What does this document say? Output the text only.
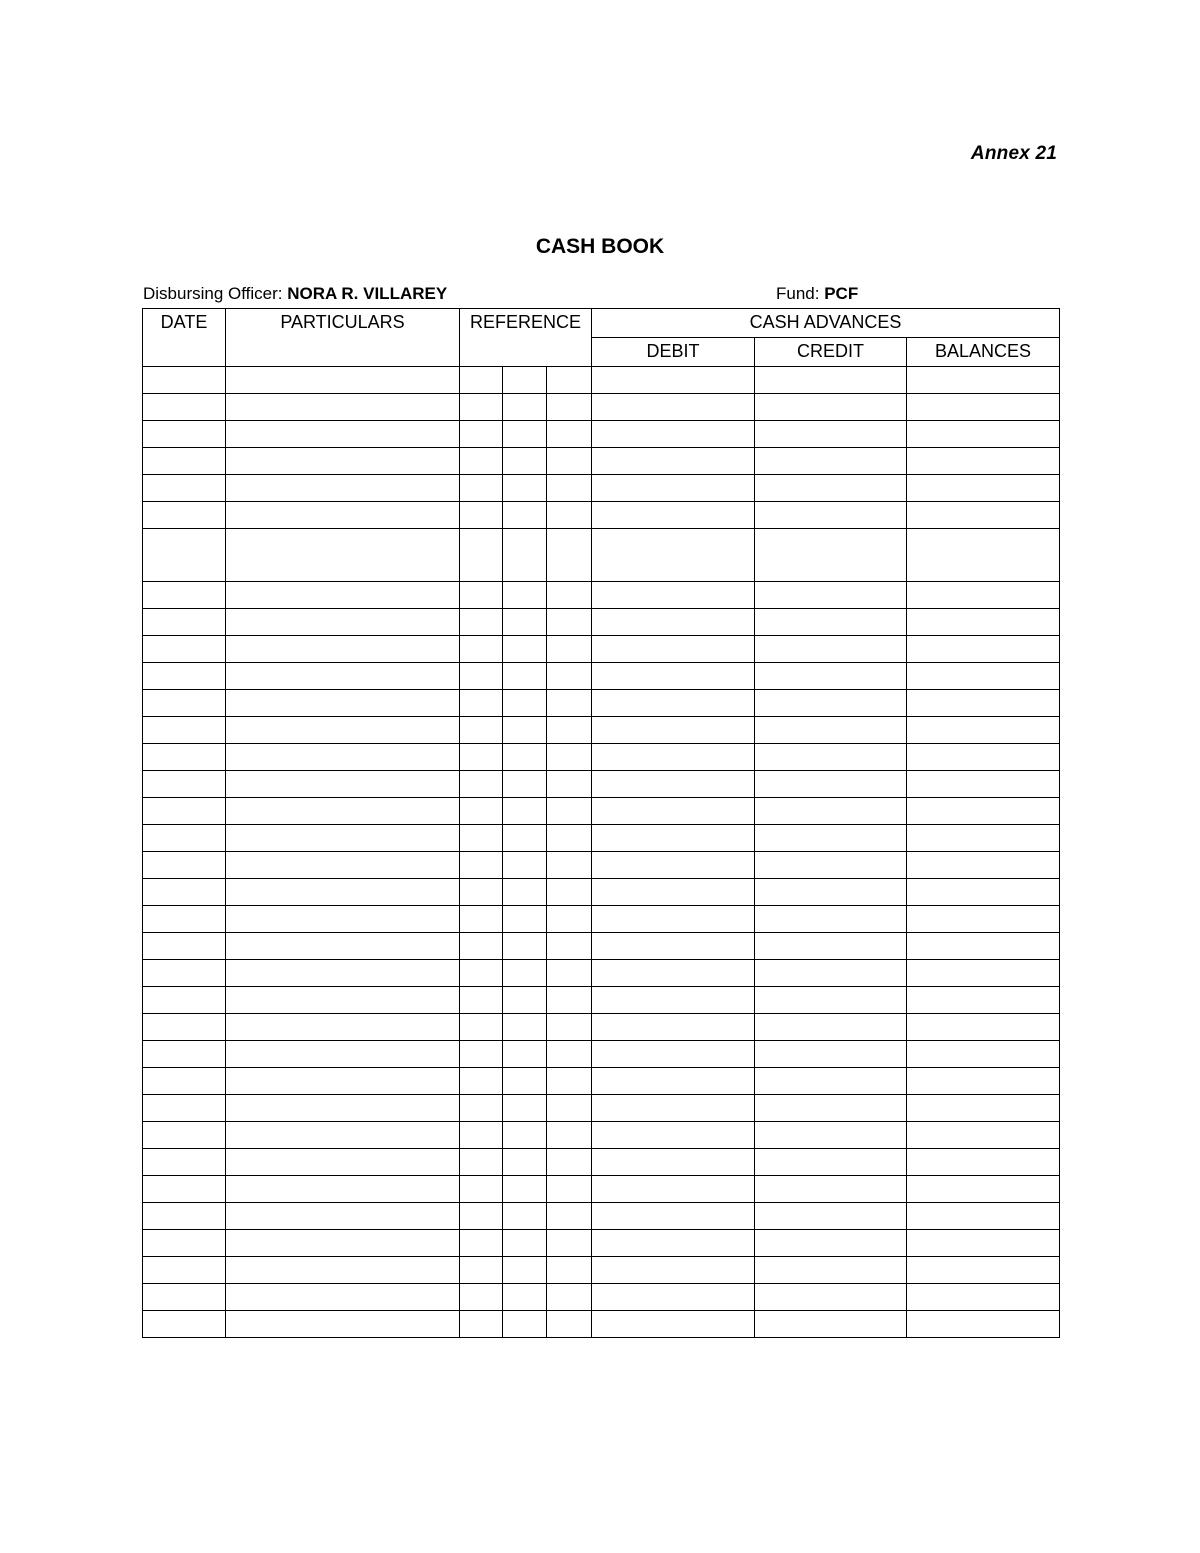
Annex 21
CASH BOOK
Disbursing Officer: NORA R. VILLAREY	Fund: PCF
DATE	PARTICULARS	REFERENCE			CASH ADVANCES		
					DEBIT	CREDIT	BALANCES
